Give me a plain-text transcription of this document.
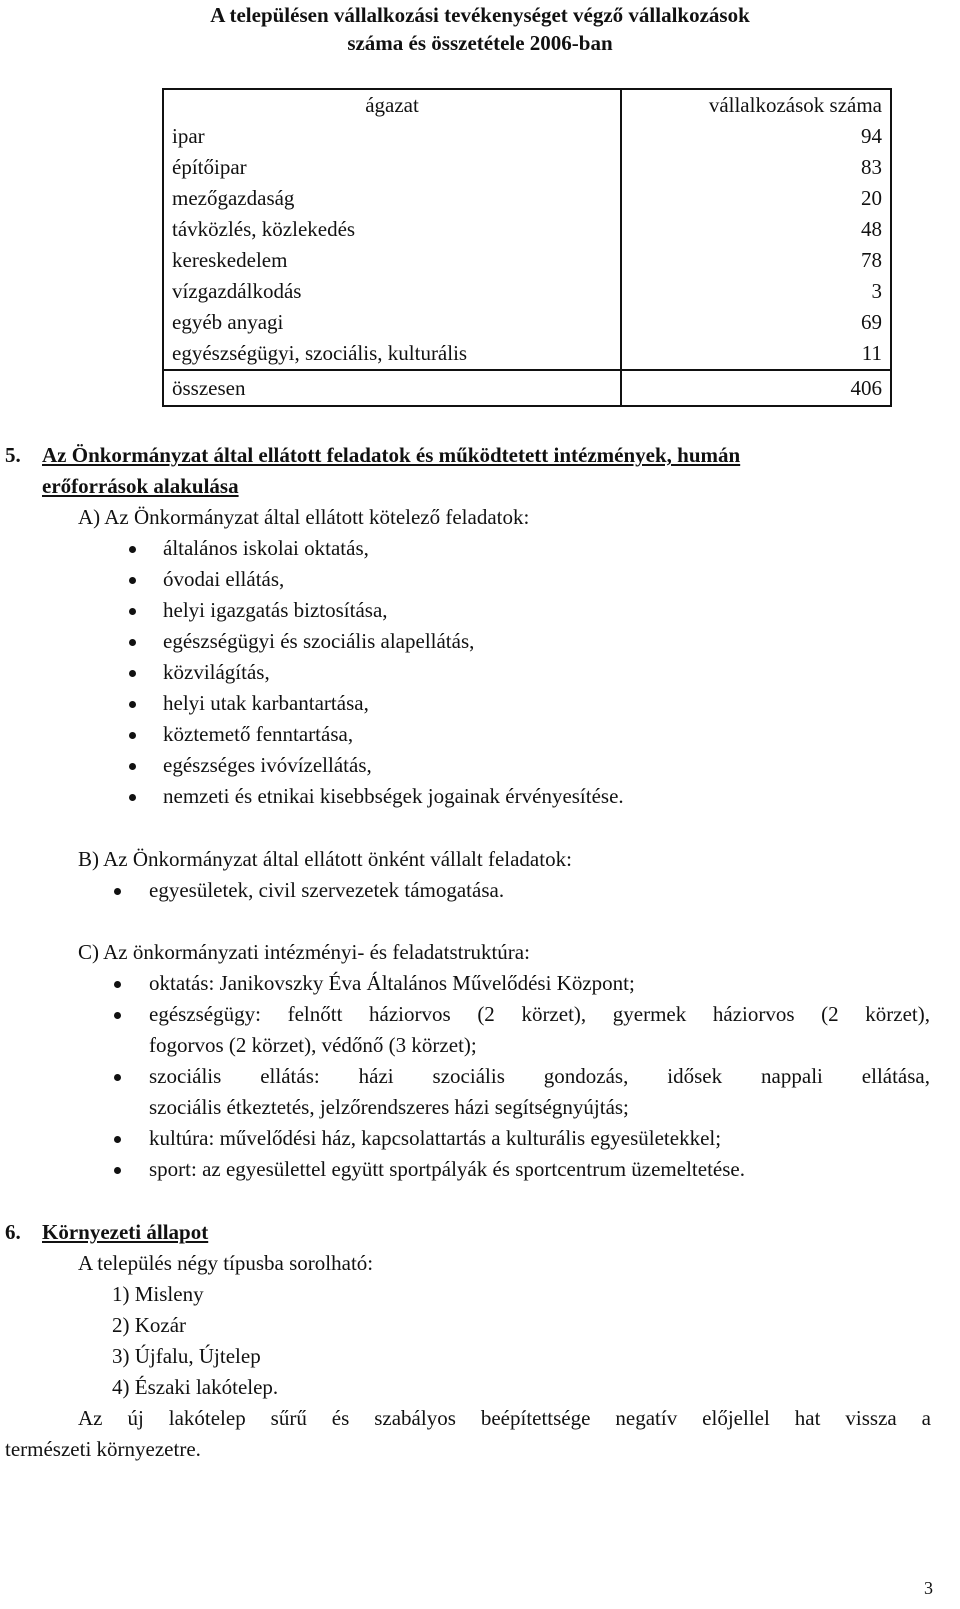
A településen vállalkozási tevékenységet végző vállalkozások
száma és összetétele 2006-ban
ágazat	vállalkozások száma
ipar	94
építőipar	83
mezőgazdaság	20
távközlés, közlekedés	48
kereskedelem	78
vízgazdálkodás	3
egyéb anyagi	69
egyészségügyi, szociális, kulturális	11
összesen	406
5. Az Önkormányzat által ellátott feladatok és működtetett intézmények, humán
erőforrások alakulása
A) Az Önkormányzat által ellátott kötelező feladatok:
általános iskolai oktatás,
óvodai ellátás,
helyi igazgatás biztosítása,
egészségügyi és szociális alapellátás,
közvilágítás,
helyi utak karbantartása,
köztemető fenntartása,
egészséges ivóvízellátás,
nemzeti és etnikai kisebbségek jogainak érvényesítése.
B) Az Önkormányzat által ellátott önként vállalt feladatok:
egyesületek, civil szervezetek támogatása.
C) Az önkormányzati intézményi- és feladatstruktúra:
oktatás: Janikovszky Éva Általános Művelődési Központ;
egészségügy: felnőtt háziorvos (2 körzet), gyermek háziorvos (2 körzet),
fogorvos (2 körzet), védőnő (3 körzet);
szociális ellátás: házi szociális gondozás, idősek nappali ellátása,
szociális étkeztetés, jelzőrendszeres házi segítségnyújtás;
kultúra: művelődési ház, kapcsolattartás a kulturális egyesületekkel;
sport: az egyesülettel együtt sportpályák és sportcentrum üzemeltetése.
6. Környezeti állapot
A település négy típusba sorolható:
1) Misleny
2) Kozár
3) Újfalu, Újtelep
4) Északi lakótelep.
Az új lakótelep sűrű és szabályos beépítettsége negatív előjellel hat vissza a
természeti környezetre.
3
